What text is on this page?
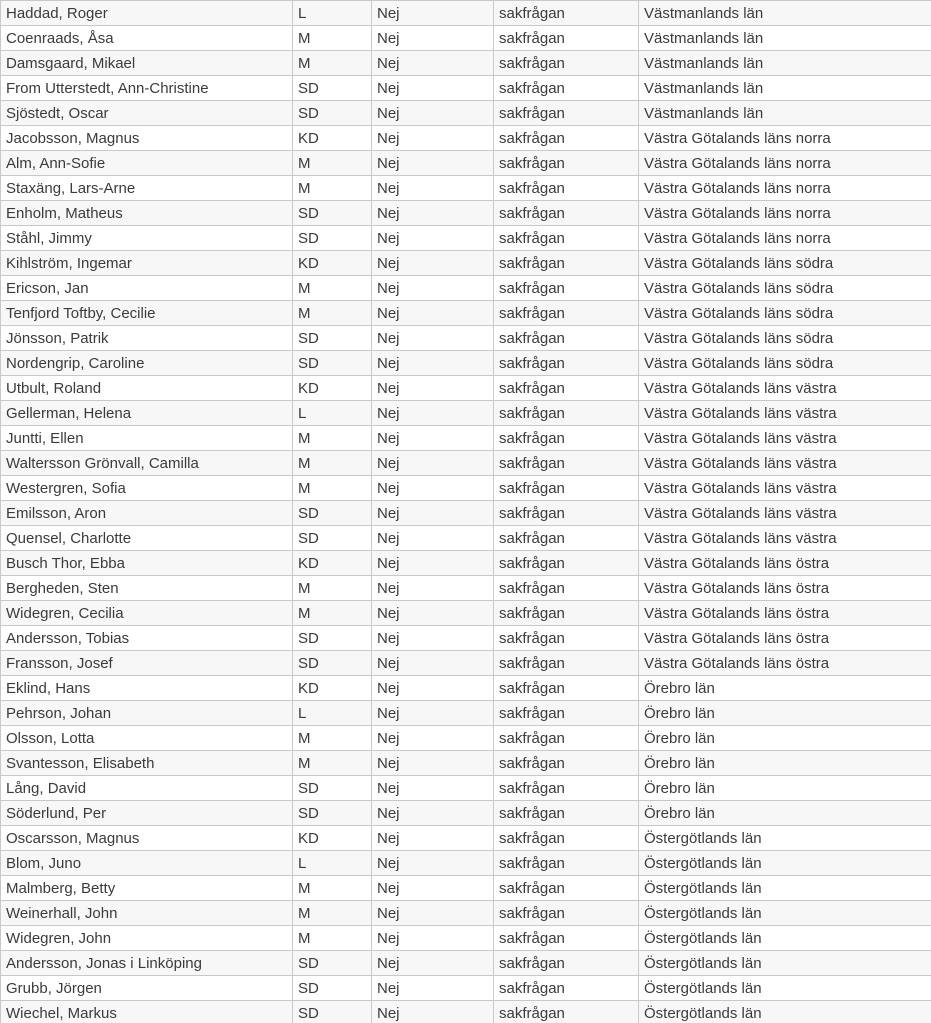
Haddad, Roger	L	Nej	sakfrågan	Västmanlands län
Coenraads, Åsa	M	Nej	sakfrågan	Västmanlands län
Damsgaard, Mikael	M	Nej	sakfrågan	Västmanlands län
From Utterstedt, Ann-Christine	SD	Nej	sakfrågan	Västmanlands län
Sjöstedt, Oscar	SD	Nej	sakfrågan	Västmanlands län
Jacobsson, Magnus	KD	Nej	sakfrågan	Västra Götalands läns norra
Alm, Ann-Sofie	M	Nej	sakfrågan	Västra Götalands läns norra
Staxäng, Lars-Arne	M	Nej	sakfrågan	Västra Götalands läns norra
Enholm, Matheus	SD	Nej	sakfrågan	Västra Götalands läns norra
Ståhl, Jimmy	SD	Nej	sakfrågan	Västra Götalands läns norra
Kihlström, Ingemar	KD	Nej	sakfrågan	Västra Götalands läns södra
Ericson, Jan	M	Nej	sakfrågan	Västra Götalands läns södra
Tenfjord Toftby, Cecilie	M	Nej	sakfrågan	Västra Götalands läns södra
Jönsson, Patrik	SD	Nej	sakfrågan	Västra Götalands läns södra
Nordengrip, Caroline	SD	Nej	sakfrågan	Västra Götalands läns södra
Utbult, Roland	KD	Nej	sakfrågan	Västra Götalands läns västra
Gellerman, Helena	L	Nej	sakfrågan	Västra Götalands läns västra
Juntti, Ellen	M	Nej	sakfrågan	Västra Götalands läns västra
Waltersson Grönvall, Camilla	M	Nej	sakfrågan	Västra Götalands läns västra
Westergren, Sofia	M	Nej	sakfrågan	Västra Götalands läns västra
Emilsson, Aron	SD	Nej	sakfrågan	Västra Götalands läns västra
Quensel, Charlotte	SD	Nej	sakfrågan	Västra Götalands läns västra
Busch Thor, Ebba	KD	Nej	sakfrågan	Västra Götalands läns östra
Bergheden, Sten	M	Nej	sakfrågan	Västra Götalands läns östra
Widegren, Cecilia	M	Nej	sakfrågan	Västra Götalands läns östra
Andersson, Tobias	SD	Nej	sakfrågan	Västra Götalands läns östra
Fransson, Josef	SD	Nej	sakfrågan	Västra Götalands läns östra
Eklind, Hans	KD	Nej	sakfrågan	Örebro län
Pehrson, Johan	L	Nej	sakfrågan	Örebro län
Olsson, Lotta	M	Nej	sakfrågan	Örebro län
Svantesson, Elisabeth	M	Nej	sakfrågan	Örebro län
Lång, David	SD	Nej	sakfrågan	Örebro län
Söderlund, Per	SD	Nej	sakfrågan	Örebro län
Oscarsson, Magnus	KD	Nej	sakfrågan	Östergötlands län
Blom, Juno	L	Nej	sakfrågan	Östergötlands län
Malmberg, Betty	M	Nej	sakfrågan	Östergötlands län
Weinerhall, John	M	Nej	sakfrågan	Östergötlands län
Widegren, John	M	Nej	sakfrågan	Östergötlands län
Andersson, Jonas i Linköping	SD	Nej	sakfrågan	Östergötlands län
Grubb, Jörgen	SD	Nej	sakfrågan	Östergötlands län
Wiechel, Markus	SD	Nej	sakfrågan	Östergötlands län
